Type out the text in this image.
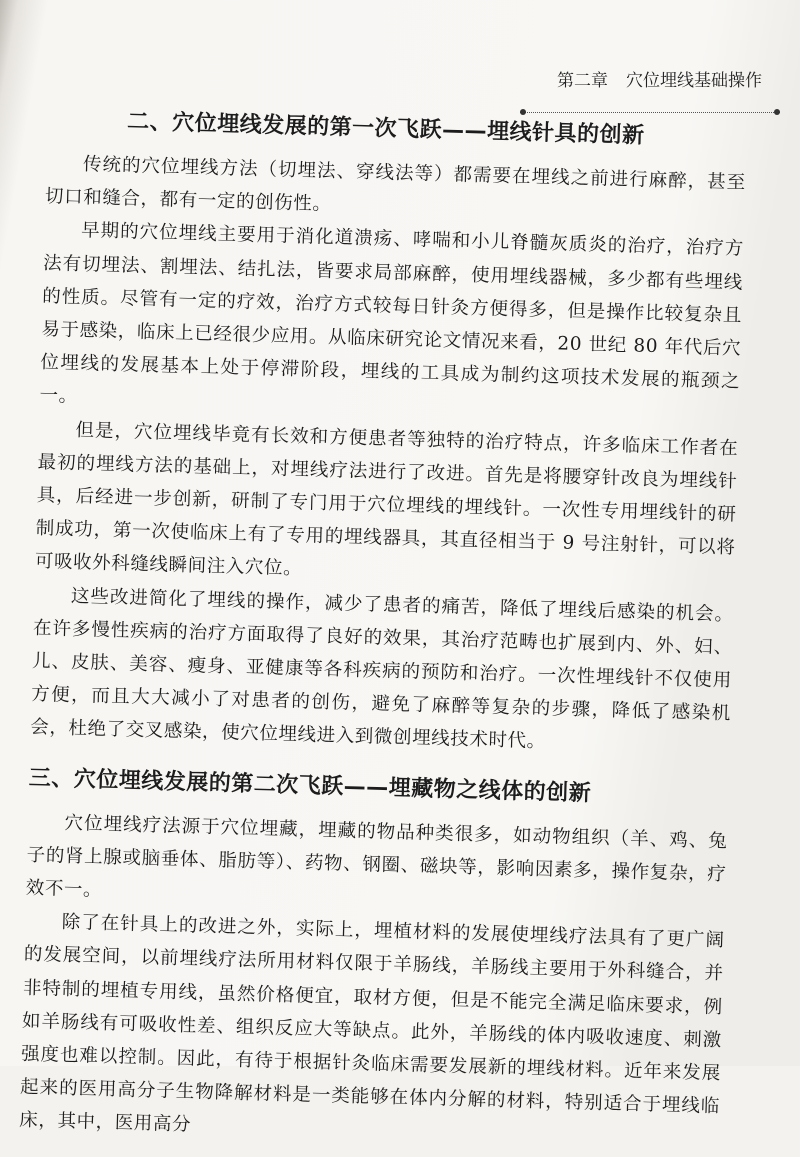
第二章 穴位埋线基础操作
二、穴位埋线发展的第一次飞跃——埋线针具的创新

传统的穴位埋线方法（切埋法、穿线法等）都需要在埋线之前进行麻醉，甚至切口和缝合，都有一定的创伤性。

早期的穴位埋线主要用于消化道溃疡、哮喘和小儿脊髓灰质炎的治疗，治疗方法有切埋法、割埋法、结扎法，皆要求局部麻醉，使用埋线器械，多少都有些埋线的性质。尽管有一定的疗效，治疗方式较每日针灸方便得多，但是操作比较复杂且易于感染，临床上已经很少应用。从临床研究论文情况来看，20 世纪 80 年代后穴位埋线的发展基本上处于停滞阶段，埋线的工具成为制约这项技术发展的瓶颈之一。

但是，穴位埋线毕竟有长效和方便患者等独特的治疗特点，许多临床工作者在最初的埋线方法的基础上，对埋线疗法进行了改进。首先是将腰穿针改良为埋线针具，后经进一步创新，研制了专门用于穴位埋线的埋线针。一次性专用埋线针的研制成功，第一次使临床上有了专用的埋线器具，其直径相当于 9 号注射针，可以将可吸收外科缝线瞬间注入穴位。

这些改进简化了埋线的操作，减少了患者的痛苦，降低了埋线后感染的机会。在许多慢性疾病的治疗方面取得了良好的效果，其治疗范畴也扩展到内、外、妇、儿、皮肤、美容、瘦身、亚健康等各科疾病的预防和治疗。一次性埋线针不仅使用方便，而且大大减小了对患者的创伤，避免了麻醉等复杂的步骤，降低了感染机会，杜绝了交叉感染，使穴位埋线进入到微创埋线技术时代。

三、穴位埋线发展的第二次飞跃——埋藏物之线体的创新

穴位埋线疗法源于穴位埋藏，埋藏的物品种类很多，如动物组织（羊、鸡、兔子的肾上腺或脑垂体、脂肪等）、药物、钢圈、磁块等，影响因素多，操作复杂，疗效不一。

除了在针具上的改进之外，实际上，埋植材料的发展使埋线疗法具有了更广阔的发展空间，以前埋线疗法所用材料仅限于羊肠线，羊肠线主要用于外科缝合，并非特制的埋植专用线，虽然价格便宜，取材方便，但是不能完全满足临床要求，例如羊肠线有可吸收性差、组织反应大等缺点。此外，羊肠线的体内吸收速度、刺激强度也难以控制。因此，有待于根据针灸临床需要发展新的埋线材料。近年来发展起来的医用高分子生物降解材料是一类能够在体内分解的材料，特别适合于埋线临床，其中，医用高分
